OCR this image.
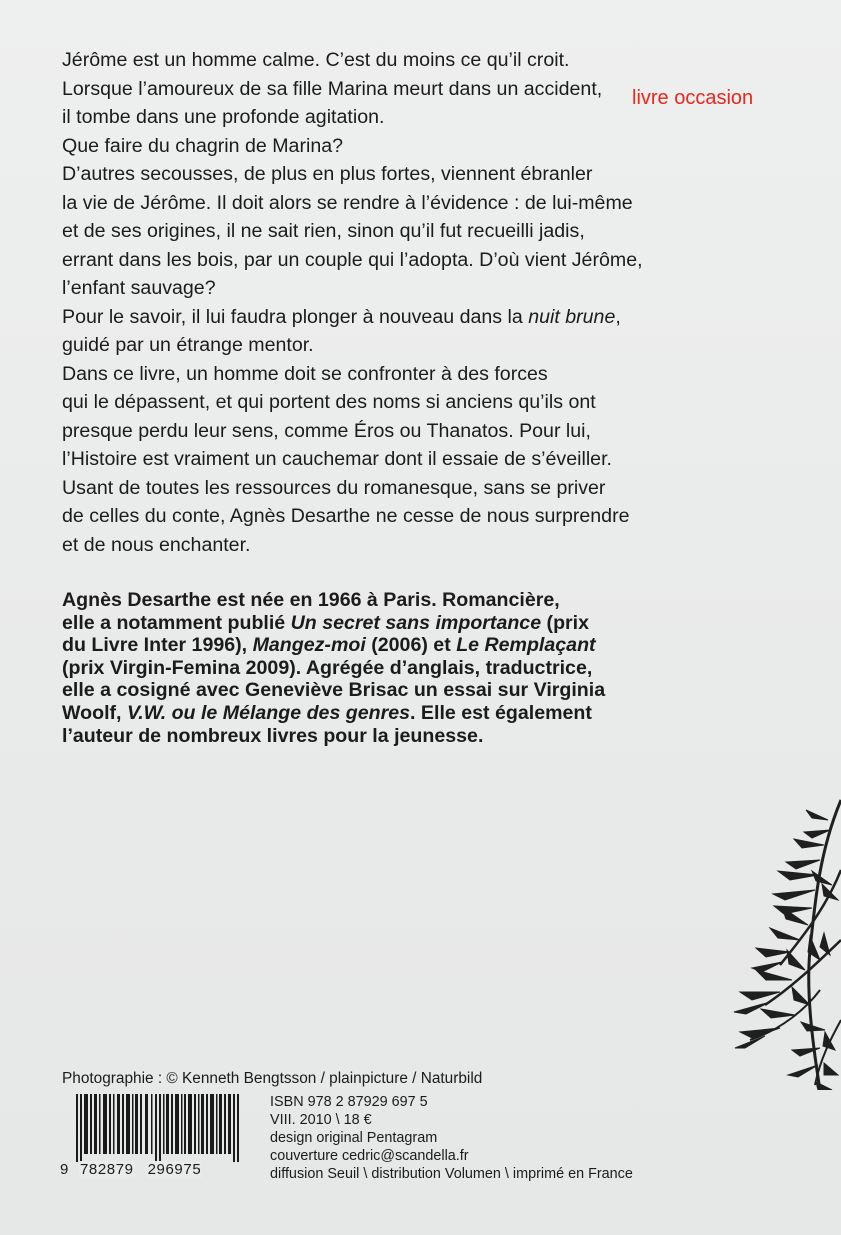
livre occasion
Jérôme est un homme calme. C’est du moins ce qu’il croit.
Lorsque l’amoureux de sa fille Marina meurt dans un accident,
il tombe dans une profonde agitation.
Que faire du chagrin de Marina?
D’autres secousses, de plus en plus fortes, viennent ébranler
la vie de Jérôme. Il doit alors se rendre à l’évidence : de lui-même
et de ses origines, il ne sait rien, sinon qu’il fut recueilli jadis,
errant dans les bois, par un couple qui l’adopta. D’où vient Jérôme,
l’enfant sauvage?
Pour le savoir, il lui faudra plonger à nouveau dans la nuit brune,
guidé par un étrange mentor.
Dans ce livre, un homme doit se confronter à des forces
qui le dépassent, et qui portent des noms si anciens qu’ils ont
presque perdu leur sens, comme Éros ou Thanatos. Pour lui,
l’Histoire est vraiment un cauchemar dont il essaie de s’éveiller.
Usant de toutes les ressources du romanesque, sans se priver
de celles du conte, Agnès Desarthe ne cesse de nous surprendre
et de nous enchanter.
Agnès Desarthe est née en 1966 à Paris. Romancière,
elle a notamment publié Un secret sans importance (prix
du Livre Inter 1996), Mangez-moi (2006) et Le Remplaçant
(prix Virgin-Femina 2009). Agrégée d’anglais, traductrice,
elle a cosigné avec Geneviève Brisac un essai sur Virginia
Woolf, V.W. ou le Mélange des genres. Elle est également
l’auteur de nombreux livres pour la jeunesse.
Photographie : © Kenneth Bengtsson / plainpicture / Naturbild
9 782879 296975
ISBN 978 2 87929 697 5
VIII. 2010 \ 18 €
design original Pentagram
couverture cedric@scandella.fr
diffusion Seuil \ distribution Volumen \ imprimé en France
